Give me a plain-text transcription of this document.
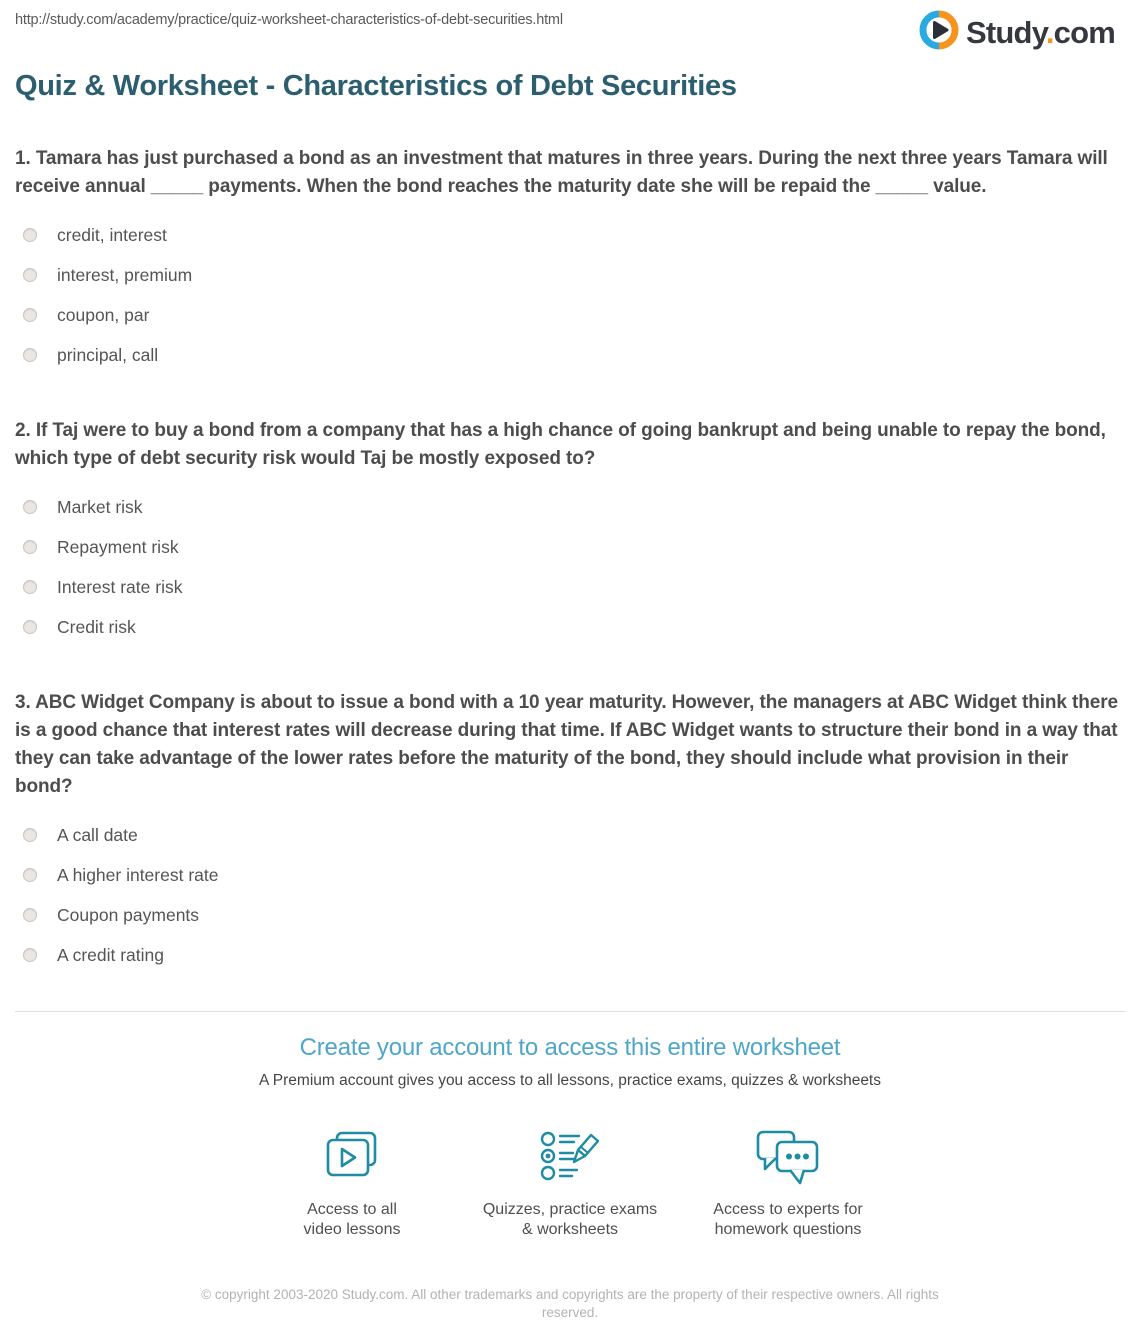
http://study.com/academy/practice/quiz-worksheet-characteristics-of-debt-securities.html	Study.com
Quiz & Worksheet - Characteristics of Debt Securities

1. Tamara has just purchased a bond as an investment that matures in three years. During the next three years Tamara will receive annual _____ payments. When the bond reaches the maturity date she will be repaid the _____ value.

credit, interest
interest, premium
coupon, par
principal, call

2. If Taj were to buy a bond from a company that has a high chance of going bankrupt and being unable to repay the bond, which type of debt security risk would Taj be mostly exposed to?

Market risk
Repayment risk
Interest rate risk
Credit risk

3. ABC Widget Company is about to issue a bond with a 10 year maturity. However, the managers at ABC Widget think there is a good chance that interest rates will decrease during that time. If ABC Widget wants to structure their bond in a way that they can take advantage of the lower rates before the maturity of the bond, they should include what provision in their bond?

A call date
A higher interest rate
Coupon payments
A credit rating
Create your account to access this entire worksheet

A Premium account gives you access to all lessons, practice exams, quizzes & worksheets

Access to all
video lessons
Quizzes, practice exams
& worksheets
Access to experts for
homework questions

© copyright 2003-2020 Study.com. All other trademarks and copyrights are the property of their respective owners. All rights reserved.
